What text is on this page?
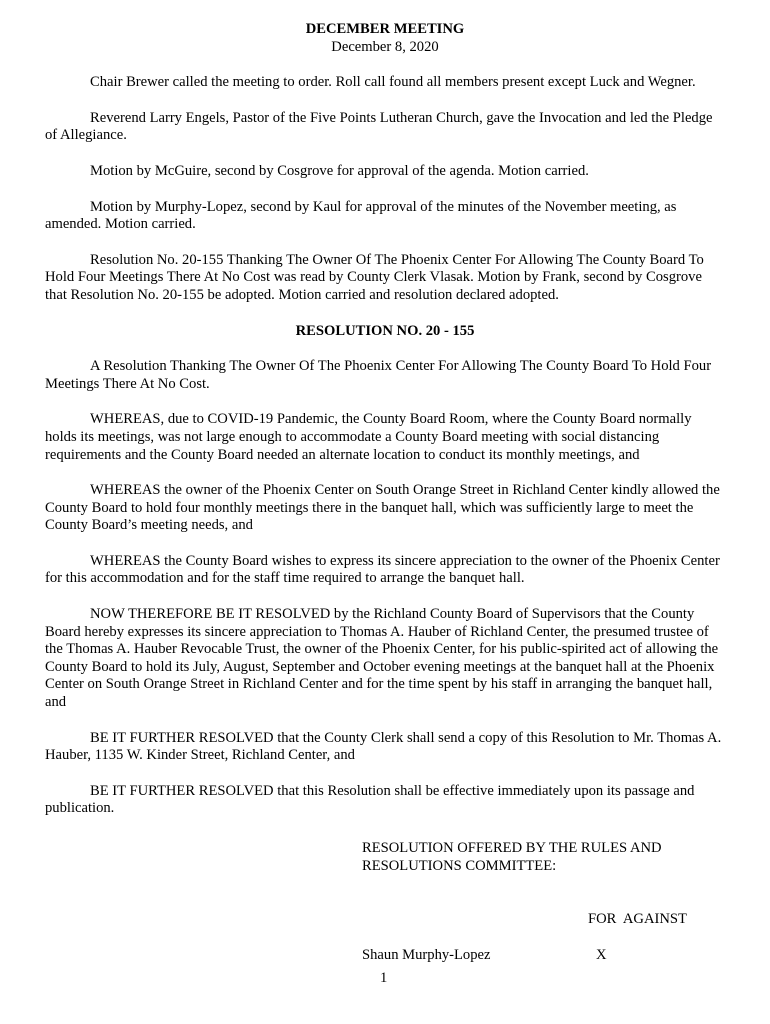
DECEMBER MEETING
December 8, 2020

Chair Brewer called the meeting to order. Roll call found all members present except Luck and Wegner.

Reverend Larry Engels, Pastor of the Five Points Lutheran Church, gave the Invocation and led the Pledge of Allegiance.

Motion by McGuire, second by Cosgrove for approval of the agenda. Motion carried.

Motion by Murphy-Lopez, second by Kaul for approval of the minutes of the November meeting, as amended. Motion carried.

Resolution No. 20-155 Thanking The Owner Of The Phoenix Center For Allowing The County Board To Hold Four Meetings There At No Cost was read by County Clerk Vlasak. Motion by Frank, second by Cosgrove that Resolution No. 20-155 be adopted. Motion carried and resolution declared adopted.

RESOLUTION NO. 20 - 155

A Resolution Thanking The Owner Of The Phoenix Center For Allowing The County Board To Hold Four Meetings There At No Cost.

WHEREAS, due to COVID-19 Pandemic, the County Board Room, where the County Board normally holds its meetings, was not large enough to accommodate a County Board meeting with social distancing requirements and the County Board needed an alternate location to conduct its monthly meetings, and

WHEREAS the owner of the Phoenix Center on South Orange Street in Richland Center kindly allowed the County Board to hold four monthly meetings there in the banquet hall, which was sufficiently large to meet the County Board’s meeting needs, and

WHEREAS the County Board wishes to express its sincere appreciation to the owner of the Phoenix Center for this accommodation and for the staff time required to arrange the banquet hall.

NOW THEREFORE BE IT RESOLVED by the Richland County Board of Supervisors that the County Board hereby expresses its sincere appreciation to Thomas A. Hauber of Richland Center, the presumed trustee of the Thomas A. Hauber Revocable Trust, the owner of the Phoenix Center, for his public-spirited act of allowing the County Board to hold its July, August, September and October evening meetings at the banquet hall at the Phoenix Center on South Orange Street in Richland Center and for the time spent by his staff in arranging the banquet hall, and

BE IT FURTHER RESOLVED that the County Clerk shall send a copy of this Resolution to Mr. Thomas A. Hauber, 1135 W. Kinder Street, Richland Center, and

BE IT FURTHER RESOLVED that this Resolution shall be effective immediately upon its passage and publication.

RESOLUTION OFFERED BY THE RULES AND
RESOLUTIONS COMMITTEE:
FOR  AGAINST
Shaun Murphy-Lopez	X
1
